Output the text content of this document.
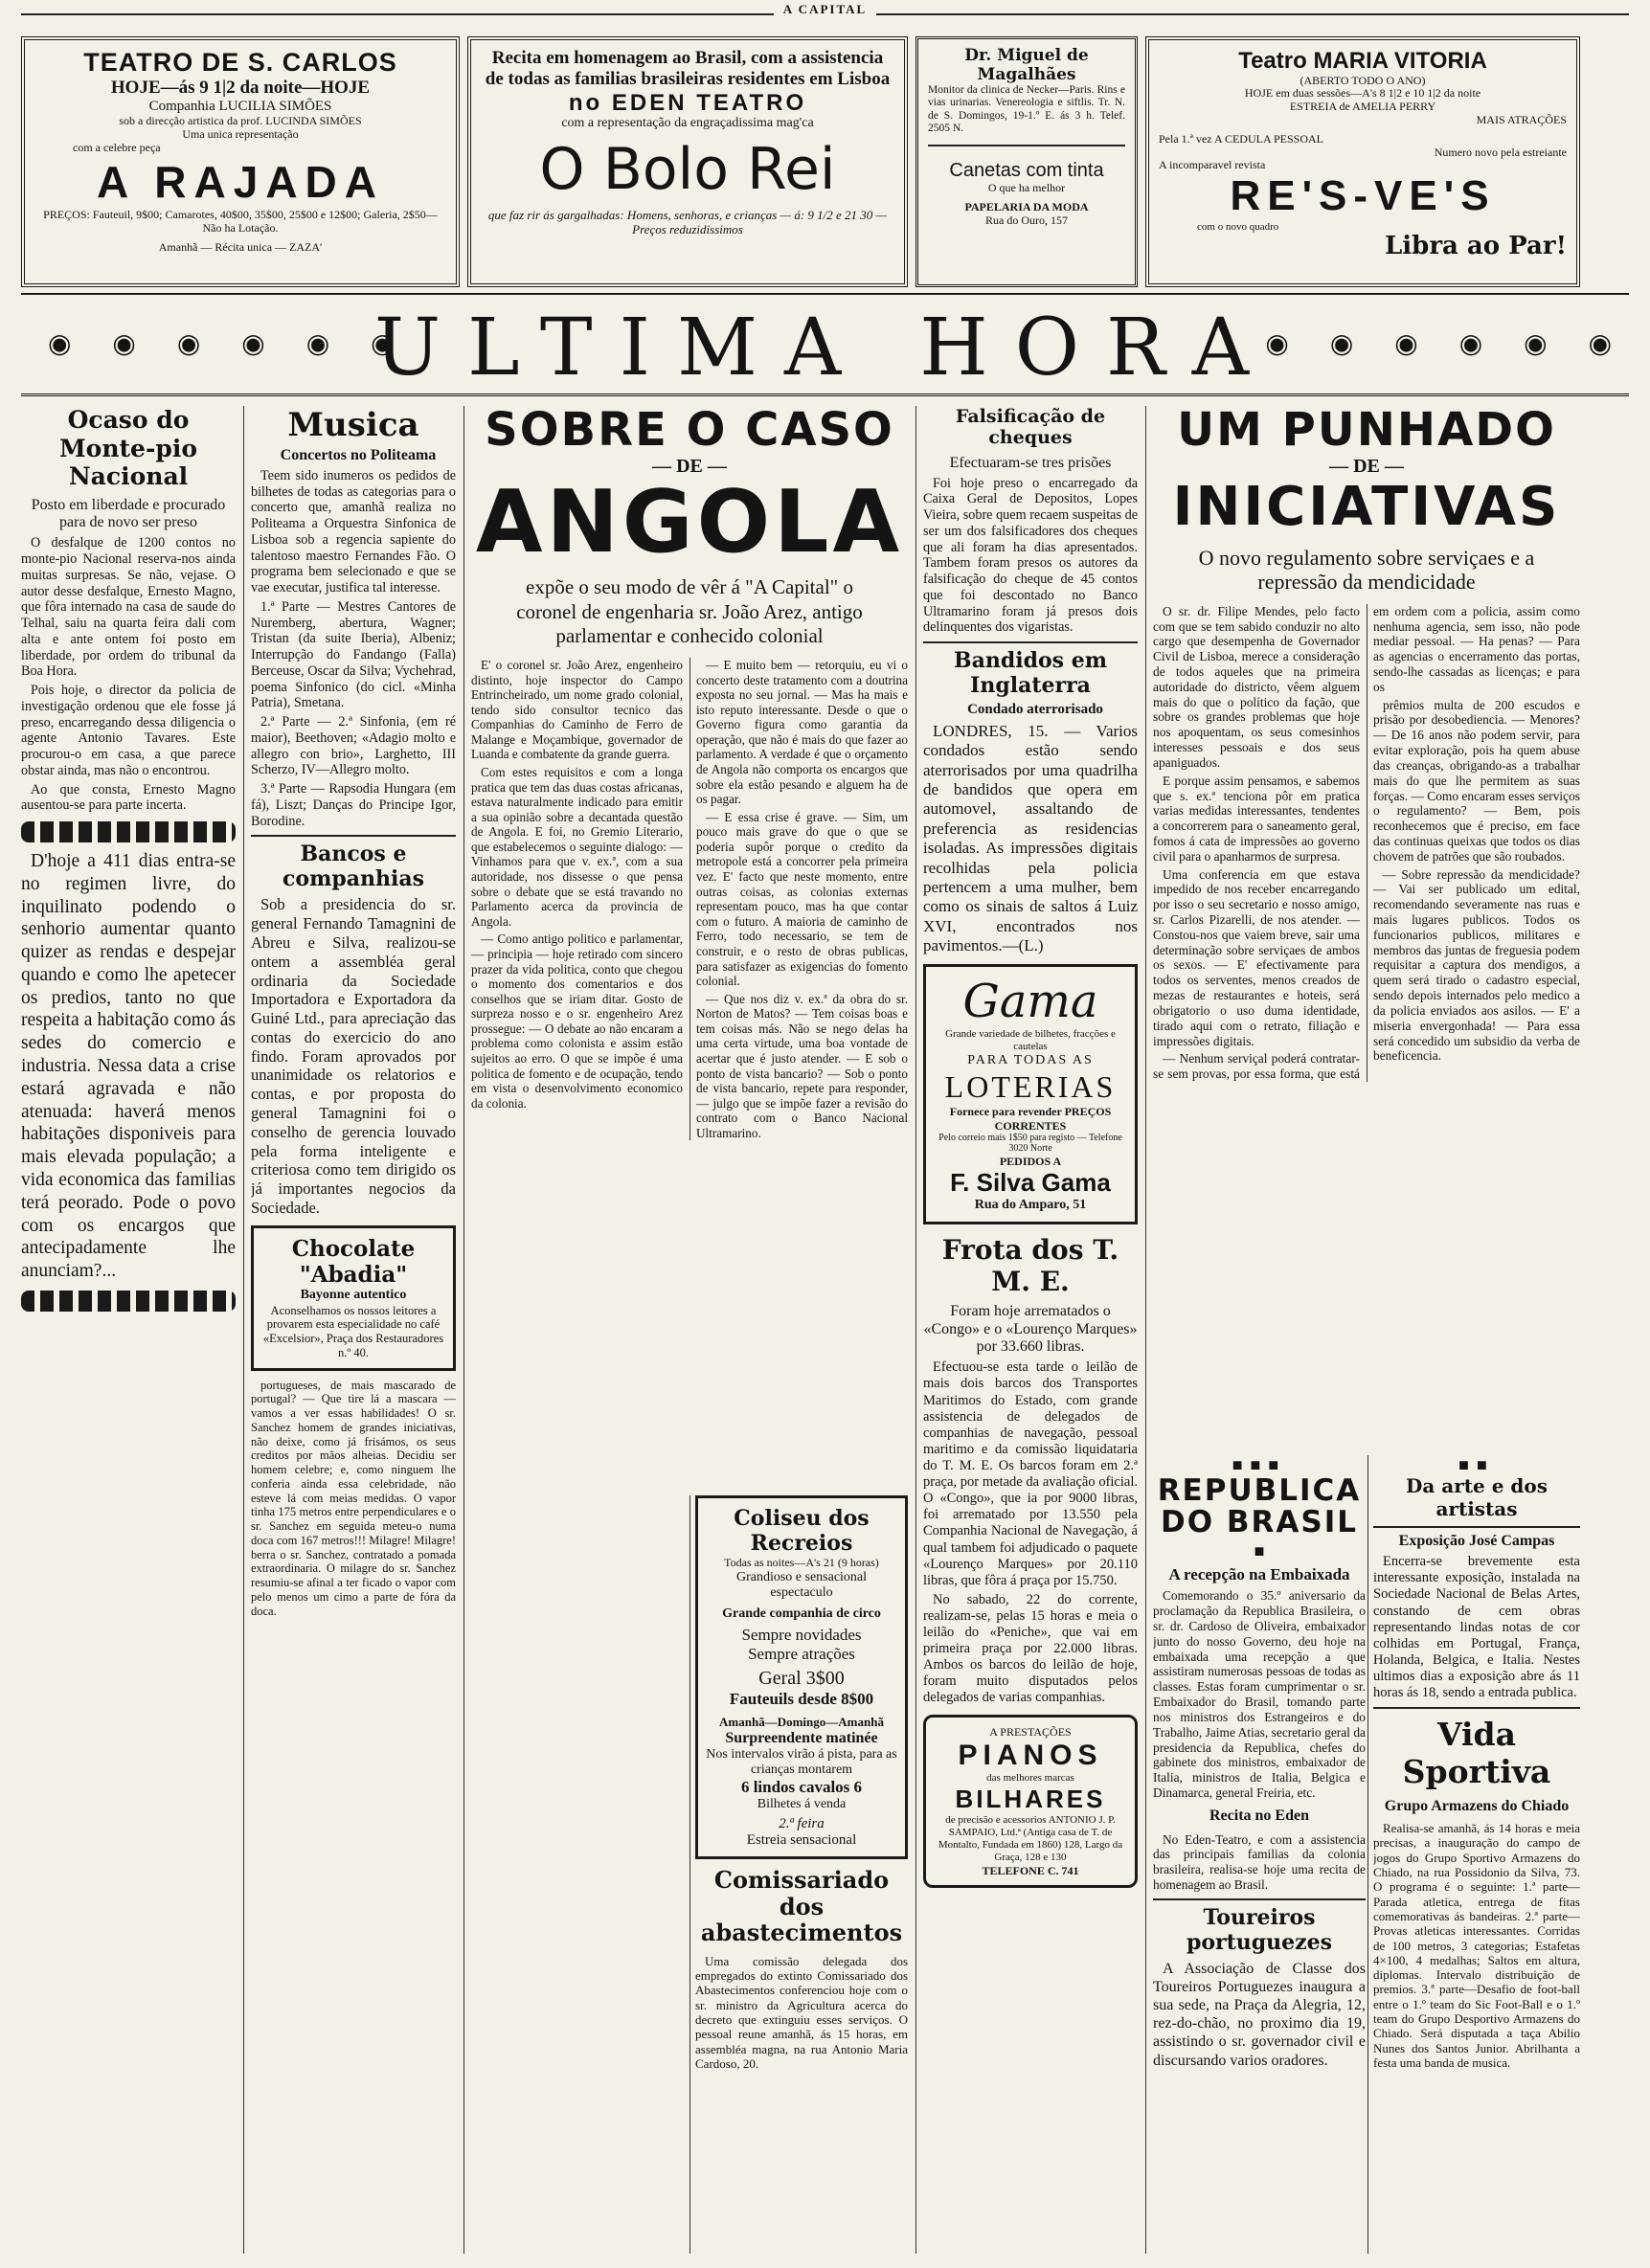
A CAPITAL

TEATRO DE S. CARLOS

HOJE—ás 9 1|2 da noite—HOJE

Companhia LUCILIA SIMÕES

sob a direcção artistica da prof. LUCINDA SIMÕES

Uma unica representação

com a celebre peça

A RAJADA

PREÇOS: Fauteuil, 9$00; Camarotes, 40$00, 35$00, 25$00 e 12$00; Galeria, 2$50—Não ha Lotação.

Amanhã — Récita unica — ZAZA'

Recita em homenagem ao Brasil, com a assistencia de todas as familias brasileiras residentes em Lisboa

no EDEN TEATRO

com a representação da engraçadissima mag'ca

O Bolo Rei

que faz rir ás gargalhadas: Homens, senhoras, e crianças — á: 9 1/2 e 21 30 — Preços reduzidissimos

Dr. Miguel de Magalhães

Monitor da clinica de Necker—Paris. Rins e vias urinarias. Venereologia e siftlis. Tr. N. de S. Domingos, 19-1.º E. ás 3 h. Telef. 2505 N.

Canetas com tinta

O que ha melhor

PAPELARIA DA MODA

Rua do Ouro, 157

Teatro MARIA VITORIA

(ABERTO TODO O ANO)

HOJE em duas sessões—A's 8 1|2 e 10 1|2 da noite

ESTREIA de AMELIA PERRY

MAIS ATRAÇÕES

Pela 1.ª vez A CEDULA PESSOAL

Numero novo pela estreiante

A incomparavel revista

RE'S-VE'S

com o novo quadro

Libra ao Par!

◉ ◉ ◉ ◉ ◉ ◉
ULTIMA HORA
◉ ◉ ◉ ◉ ◉ ◉

Ocaso do Monte-pio Nacional

Posto em liberdade e procurado para de novo ser preso

O desfalque de 1200 contos no monte-pio Nacional reserva-nos ainda muitas surpresas. Se não, vejase. O autor desse desfalque, Ernesto Magno, que fôra internado na casa de saude do Telhal, saiu na quarta feira dali com alta e ante ontem foi posto em liberdade, por ordem do tribunal da Boa Hora.

Pois hoje, o director da policia de investigação ordenou que ele fosse já preso, encarregando dessa diligencia o agente Antonio Tavares. Este procurou-o em casa, a que parece obstar ainda, mas não o encontrou.

Ao que consta, Ernesto Magno ausentou-se para parte incerta.

D'hoje a 411 dias entra-se no regimen livre, do inquilinato podendo o senhorio aumentar quanto quizer as rendas e despejar quando e como lhe apetecer os predios, tanto no que respeita a habitação como ás sedes do comercio e industria. Nessa data a crise estará agravada e não atenuada: haverá menos habitações disponiveis para mais elevada população; a vida economica das familias terá peorado. Pode o povo com os encargos que antecipadamente lhe anunciam?...

Musica

Concertos no Politeama

Teem sido inumeros os pedidos de bilhetes de todas as categorias para o concerto que, amanhã realiza no Politeama a Orquestra Sinfonica de Lisboa sob a regencia sapiente do talentoso maestro Fernandes Fão. O programa bem selecionado e que se vae executar, justifica tal interesse.

1.ª Parte — Mestres Cantores de Nuremberg, abertura, Wagner; Tristan (da suite Iberia), Albeniz; Interrupção do Fandango (Falla) Berceuse, Oscar da Silva; Vychehrad, poema Sinfonico (do cicl. «Minha Patria), Smetana.

2.ª Parte — 2.ª Sinfonia, (em ré maior), Beethoven; «Adagio molto e allegro con brio», Larghetto, III Scherzo, IV—Allegro molto.

3.ª Parte — Rapsodia Hungara (em fá), Liszt; Danças do Principe Igor, Borodine.

Bancos e companhias

Sob a presidencia do sr. general Fernando Tamagnini de Abreu e Silva, realizou-se ontem a assembléa geral ordinaria da Sociedade Importadora e Exportadora da Guiné Ltd., para apreciação das contas do exercicio do ano findo. Foram aprovados por unanimidade os relatorios e contas, e por proposta do general Tamagnini foi o conselho de gerencia louvado pela forma inteligente e criteriosa como tem dirigido os já importantes negocios da Sociedade.

Chocolate "Abadia"

Bayonne autentico

Aconselhamos os nossos leitores a provarem esta especialidade no café «Excelsior», Praça dos Restauradores n.º 40.

portugueses, de mais mascarado de portugal? — Que tire lá a mascara — vamos a ver essas habilidades! O sr. Sanchez homem de grandes iniciativas, não deixe, como já frisámos, os seus creditos por mãos alheias. Decidiu ser homem celebre; e, como ninguem lhe conferia ainda essa celebridade, não esteve lá com meias medidas. O vapor tinha 175 metros entre perpendiculares e o sr. Sanchez em seguida meteu-o numa doca com 167 metros!!! Milagre! Milagre! berra o sr. Sanchez, contratado a pomada extraordinaria. O milagre do sr. Sanchez resumiu-se afinal a ter ficado o vapor com pelo menos um cimo a parte de fóra da doca.

SOBRE O CASO

— DE —

ANGOLA

expõe o seu modo de vêr á "A Capital" o coronel de engenharia sr. João Arez, antigo parlamentar e conhecido colonial

E' o coronel sr. João Arez, engenheiro distinto, hoje inspector do Campo Entrincheirado, um nome grado colonial, tendo sido consultor tecnico das Companhias do Caminho de Ferro de Malange e Moçambique, governador de Luanda e combatente da grande guerra.

Com estes requisitos e com a longa pratica que tem das duas costas africanas, estava naturalmente indicado para emitir a sua opinião sobre a decantada questão de Angola. E foi, no Gremio Literario, que estabelecemos o seguinte dialogo: — Vinhamos para que v. ex.ª, com a sua autoridade, nos dissesse o que pensa sobre o debate que se está travando no Parlamento acerca da provincia de Angola.

— Como antigo politico e parlamentar, — principia — hoje retirado com sincero prazer da vida politica, conto que chegou o momento dos comentarios e dos conselhos que se iriam ditar. Gosto de surpreza nosso e o sr. engenheiro Arez prossegue: — O debate ao não encaram a problema como colonista e assim estão sujeitos ao erro. O que se impõe é uma politica de fomento e de ocupação, tendo em vista o desenvolvimento economico da colonia.

— E muito bem — retorquiu, eu vi o concerto deste tratamento com a doutrina exposta no seu jornal. — Mas ha mais e isto reputo interessante. Desde o que o Governo figura como garantia da operação, que não é mais do que fazer ao parlamento. A verdade é que o orçamento de Angola não comporta os encargos que sobre ela estão pesando e alguem ha de os pagar.

— E essa crise é grave. — Sim, um pouco mais grave do que o que se poderia supôr porque o credito da metropole está a concorrer pela primeira vez. E' facto que neste momento, entre outras coisas, as colonias externas representam pouco, mas ha que contar com o futuro. A maioria de caminho de Ferro, todo necessario, se tem de construir, e o resto de obras publicas, para satisfazer as exigencias do fomento colonial.

— Que nos diz v. ex.ª da obra do sr. Norton de Matos? — Tem coisas boas e tem coisas más. Não se nego delas ha uma certa virtude, uma boa vontade de acertar que é justo atender. — E sob o ponto de vista bancario? — Sob o ponto de vista bancario, repete para responder, — julgo que se impõe fazer a revisão do contrato com o Banco Nacional Ultramarino.

Falsificação de cheques

Efectuaram-se tres prisões

Foi hoje preso o encarregado da Caixa Geral de Depositos, Lopes Vieira, sobre quem recaem suspeitas de ser um dos falsificadores dos cheques que ali foram ha dias apresentados. Tambem foram presos os autores da falsificação do cheque de 45 contos que foi descontado no Banco Ultramarino foram já presos dois delinquentes dos vigaristas.

Bandidos em Inglaterra

Condado aterrorisado

LONDRES, 15. — Varios condados estão sendo aterrorisados por uma quadrilha de bandidos que opera em automovel, assaltando de preferencia as residencias isoladas. As impressões digitais recolhidas pela policia pertencem a uma mulher, bem como os sinais de saltos á Luiz XVI, encontrados nos pavimentos.—(L.)

Gama

Grande variedade de bilhetes, fracções e cautelas

PARA TODAS AS

LOTERIAS

Fornece para revender PREÇOS CORRENTES

Pelo correio mais 1$50 para registo — Telefone 3020 Norte

PEDIDOS A

F. Silva Gama

Rua do Amparo, 51

Frota dos T. M. E.

Foram hoje arrematados o «Congo» e o «Lourenço Marques» por 33.660 libras.

Efectuou-se esta tarde o leilão de mais dois barcos dos Transportes Maritimos do Estado, com grande assistencia de delegados de companhias de navegação, pessoal maritimo e da comissão liquidataria do T. M. E. Os barcos foram em 2.ª praça, por metade da avaliação oficial. O «Congo», que ia por 9000 libras, foi arrematado por 13.550 pela Companhia Nacional de Navegação, á qual tambem foi adjudicado o paquete «Lourenço Marques» por 20.110 libras, que fôra á praça por 15.750.

No sabado, 22 do corrente, realizam-se, pelas 15 horas e meia o leilão do «Peniche», que vai em primeira praça por 22.000 libras. Ambos os barcos do leilão de hoje, foram muito disputados pelos delegados de varias companhias.

A PRESTAÇÕES

PIANOS

das melhores marcas

BILHARES

de precisão e acessorios ANTONIO J. P. SAMPAIO, Ltd.ª (Antiga casa de T. de Montalto, Fundada em 1860) 128, Largo da Graça, 128 e 130

TELEFONE C. 741

Coliseu dos Recreios

Todas as noites—A's 21 (9 horas)

Grandioso e sensacional espectaculo

Grande companhia de circo

Sempre novidades

Sempre atrações

Geral 3$00

Fauteuils desde 8$00

Amanhã—Domingo—Amanhã

Surpreendente matinée

Nos intervalos virão á pista, para as crianças montarem

6 lindos cavalos 6

Bilhetes á venda

2.ª feira

Estreia sensacional

Comissariado dos abastecimentos

Uma comissão delegada dos empregados do extinto Comissariado dos Abastecimentos conferenciou hoje com o sr. ministro da Agricultura acerca do decreto que extinguiu esses serviços. O pessoal reune amanhã, ás 15 horas, em assembléa magna, na rua Antonio Maria Cardoso, 20.

UM PUNHADO

— DE —

INICIATIVAS

O novo regulamento sobre serviçaes e a repressão da mendicidade

O sr. dr. Filipe Mendes, pelo facto com que se tem sabido conduzir no alto cargo que desempenha de Governador Civil de Lisboa, merece a consideração de todos aqueles que na primeira autoridade do districto, vêem alguem mais do que o político da fação, que sobre os grandes problemas que hoje nos apoquentam, os seus comesinhos interesses pessoais e dos seus apaniguados.

E porque assim pensamos, e sabemos que s. ex.ª tenciona pôr em pratica varias medidas interessantes, tendentes a concorrerem para o saneamento geral, fomos á cata de impressões ao governo civil para o apanharmos de surpresa.

Uma conferencia em que estava impedido de nos receber encarregando por isso o seu secretario e nosso amigo, sr. Carlos Pizarelli, de nos atender. — Constou-nos que vaiem breve, sair uma determinação sobre serviçaes de ambos os sexos. — E' efectivamente para todos os serventes, menos creados de mezas de restaurantes e hoteis, será obrigatorio o uso duma identidade, tirado aqui com o retrato, filiação e impressões digitais.

— Nenhum serviçal poderá contratar-se sem provas, por essa forma, que está em ordem com a policia, assim como nenhuma agencia, sem isso, não pode mediar pessoal. — Ha penas? — Para as agencias o encerramento das portas, sendo-lhe cassadas as licenças; e para os

prêmios multa de 200 escudos e prisão por desobediencia. — Menores? — De 16 anos não podem servir, para evitar exploração, pois ha quem abuse das creanças, obrigando-as a trabalhar mais do que lhe permitem as suas forças. — Como encaram esses serviços o regulamento? — Bem, pois reconhecemos que é preciso, em face das continuas queixas que todos os dias chovem de patrões que são roubados.

— Sobre repressão da mendicidade? — Vai ser publicado um edital, recomendando severamente nas ruas e mais lugares publicos. Todos os funcionarios publicos, militares e membros das juntas de freguesia podem requisitar a captura dos mendigos, a quem será tirado o cadastro especial, sendo depois internados pelo medico a da policia enviados aos asilos. — E' a miseria envergonhada! — Para essa será concedido um subsidio da verba de beneficencia.

■■■

REPUBLICA DO BRASIL

■

A recepção na Embaixada

Comemorando o 35.º aniversario da proclamação da Republica Brasileira, o sr. dr. Cardoso de Oliveira, embaixador junto do nosso Governo, deu hoje na embaixada uma recepção a que assistiram numerosas pessoas de todas as classes. Estas foram cumprimentar o sr. Embaixador do Brasil, tomando parte nos ministros dos Estrangeiros e do Trabalho, Jaime Atias, secretario geral da presidencia da Republica, chefes do gabinete dos ministros, embaixador de Italia, ministros de Italia, Belgica e Dinamarca, general Freiria, etc.

Recita no Eden

No Eden-Teatro, e com a assistencia das principais familias da colonia brasileira, realisa-se hoje uma recita de homenagem ao Brasil.

Toureiros portuguezes

A Associação de Classe dos Toureiros Portuguezes inaugura a sua sede, na Praça da Alegria, 12, rez-do-chão, no proximo dia 19, assistindo o sr. governador civil e discursando varios oradores.

■■

Da arte e dos artistas

Exposição José Campas

Encerra-se brevemente esta interessante exposição, instalada na Sociedade Nacional de Belas Artes, constando de cem obras representando lindas notas de cor colhidas em Portugal, França, Holanda, Belgica, e Italia. Nestes ultimos dias a exposição abre ás 11 horas ás 18, sendo a entrada publica.

Vida Sportiva

Grupo Armazens do Chiado

Realisa-se amanhã, ás 14 horas e meia precisas, a inauguração do campo de jogos do Grupo Sportivo Armazens do Chiado, na rua Possidonio da Silva, 73. O programa é o seguinte: 1.ª parte—Parada atletica, entrega de fitas comemorativas ás bandeiras. 2.ª parte—Provas atleticas interessantes. Corridas de 100 metros, 3 categorias; Estafetas 4×100, 4 medalhas; Saltos em altura, diplomas. Intervalo distribuição de premios. 3.ª parte—Desafio de foot-ball entre o 1.º team do Sic Foot-Ball e o 1.º team do Grupo Desportivo Armazens do Chiado. Será disputada a taça Abilio Nunes dos Santos Junior. Abrilhanta a festa uma banda de musica.
